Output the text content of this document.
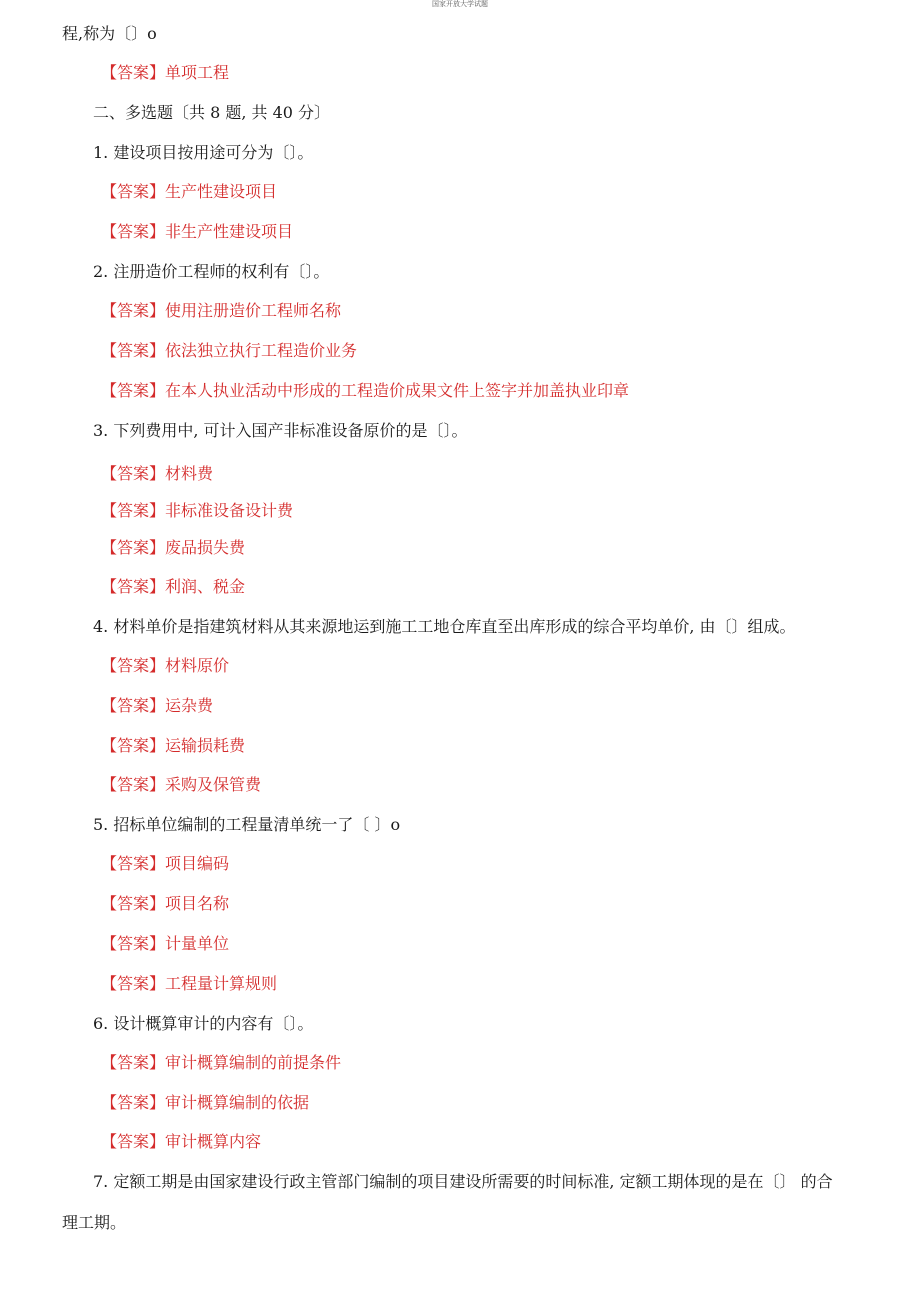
国家开放大学试题
程,称为〔〕o
【答案】单项工程
二、多选题〔共 8 题, 共 40 分〕
1. 建设项目按用途可分为〔〕。
【答案】生产性建设项目
【答案】非生产性建设项目
2. 注册造价工程师的权利有〔〕。
【答案】使用注册造价工程师名称
【答案】依法独立执行工程造价业务
【答案】在本人执业活动中形成的工程造价成果文件上签字并加盖执业印章
3. 下列费用中, 可计入国产非标准设备原价的是〔〕。
【答案】材料费
【答案】非标准设备设计费
【答案】废品损失费
【答案】利润、税金
4. 材料单价是指建筑材料从其来源地运到施工工地仓库直至出库形成的综合平均单价, 由〔〕组成。
【答案】材料原价
【答案】运杂费
【答案】运输损耗费
【答案】采购及保管费
5. 招标单位编制的工程量清单统一了〔 〕o
【答案】项目编码
【答案】项目名称
【答案】计量单位
【答案】工程量计算规则
6. 设计概算审计的内容有〔〕。
【答案】审计概算编制的前提条件
【答案】审计概算编制的依据
【答案】审计概算内容
7. 定额工期是由国家建设行政主管部门编制的项目建设所需要的时间标准, 定额工期体现的是在〔〕 的合
理工期。
